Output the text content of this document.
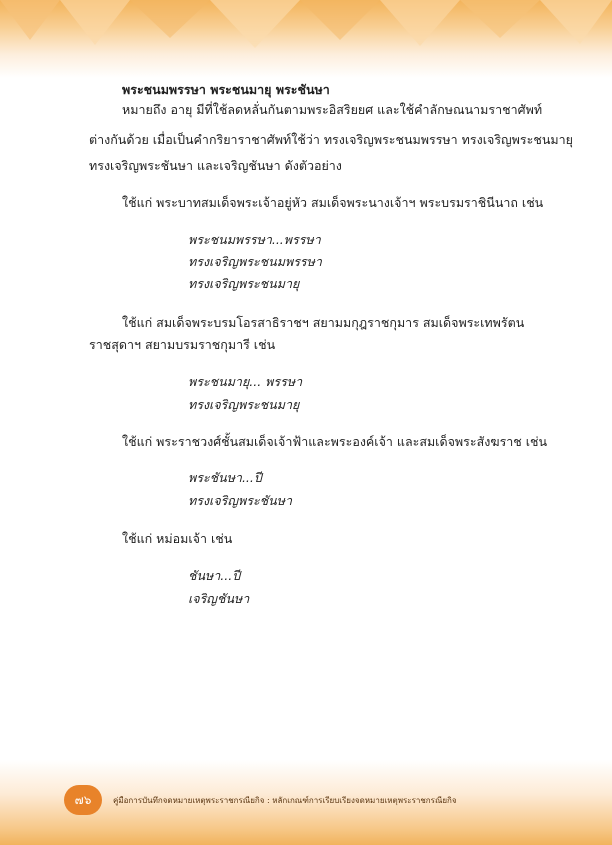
พระชนมพรรษา พระชนมายุ พระชันษา
หมายถึง อายุ มีที่ใช้ลดหลั่นกันตามพระอิสริยยศ และใช้คำลักษณนามราชาศัพท์
ต่างกันด้วย เมื่อเป็นคำกริยาราชาศัพท์ใช้ว่า ทรงเจริญพระชนมพรรษา ทรงเจริญพระชนมายุ
ทรงเจริญพระชันษา และเจริญชันษา ดังตัวอย่าง
ใช้แก่ พระบาทสมเด็จพระเจ้าอยู่หัว สมเด็จพระนางเจ้าฯ พระบรมราชินีนาถ เช่น
พระชนมพรรษา...พรรษา
ทรงเจริญพระชนมพรรษา
ทรงเจริญพระชนมายุ
ใช้แก่ สมเด็จพระบรมโอรสาธิราชฯ สยามมกุฎราชกุมาร สมเด็จพระเทพรัตน
ราชสุดาฯ สยามบรมราชกุมารี เช่น
พระชนมายุ... พรรษา
ทรงเจริญพระชนมายุ
ใช้แก่ พระราชวงศ์ชั้นสมเด็จเจ้าฟ้าและพระองค์เจ้า และสมเด็จพระสังฆราช เช่น
พระชันษา...ปี
ทรงเจริญพระชันษา
ใช้แก่ หม่อมเจ้า เช่น
ชันษา...ปี
เจริญชันษา
๗๖	คู่มือการบันทึกจดหมายเหตุพระราชกรณียกิจ : หลักเกณฑ์การเรียบเรียงจดหมายเหตุพระราชกรณียกิจ
